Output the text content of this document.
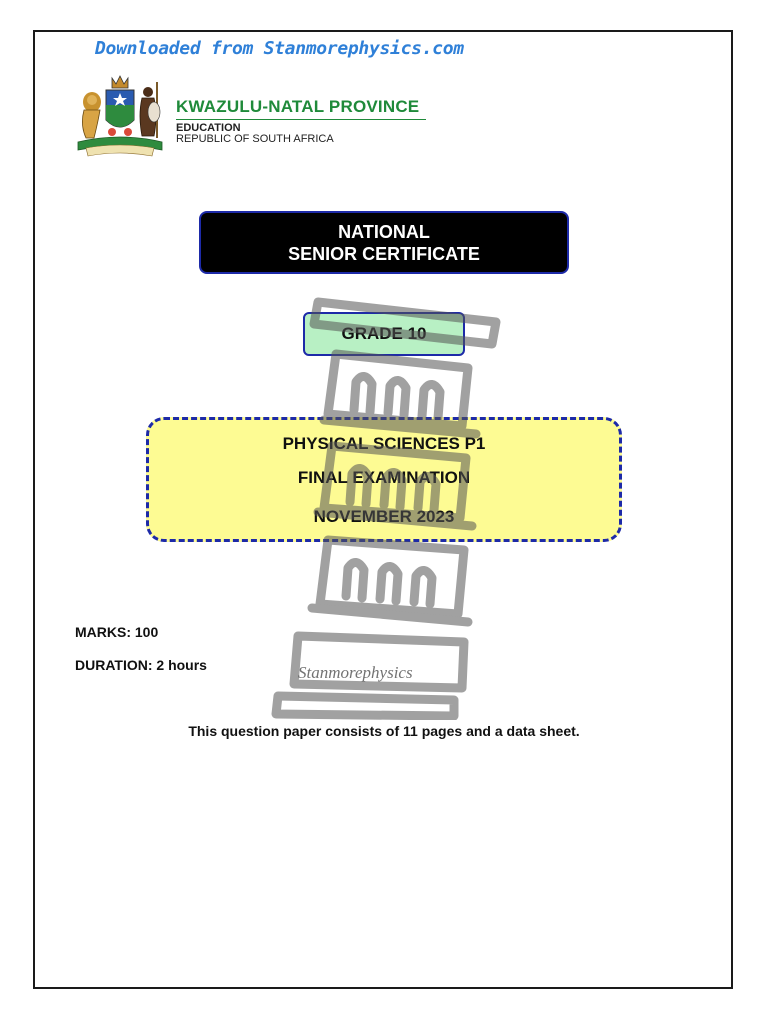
Downloaded from Stanmorephysics.com
KWAZULU-NATAL PROVINCE
EDUCATION
REPUBLIC OF SOUTH AFRICA
NATIONAL
SENIOR CERTIFICATE
GRADE 10
PHYSICAL SCIENCES P1
FINAL EXAMINATION
NOVEMBER 2023
Stanmorephysics
MARKS: 100
DURATION: 2 hours
This question paper consists of 11 pages and a data sheet.
